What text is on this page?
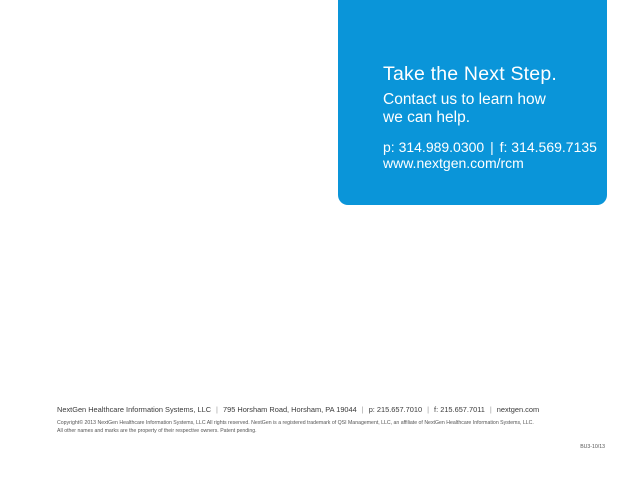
Take the Next Step.
Contact us to learn how
we can help.
p: 314.989.0300 | f: 314.569.7135
www.nextgen.com/rcm
NextGen Healthcare Information Systems, LLC | 795 Horsham Road, Horsham, PA 19044 | p: 215.657.7010 | f: 215.657.7011 | nextgen.com
Copyright© 2013 NextGen Healthcare Information Systems, LLC All rights reserved. NextGen is a registered trademark of QSI Management, LLC, an affiliate of NextGen Healthcare Information Systems, LLC.
All other names and marks are the property of their respective owners. Patent pending.
BU3-10/13
